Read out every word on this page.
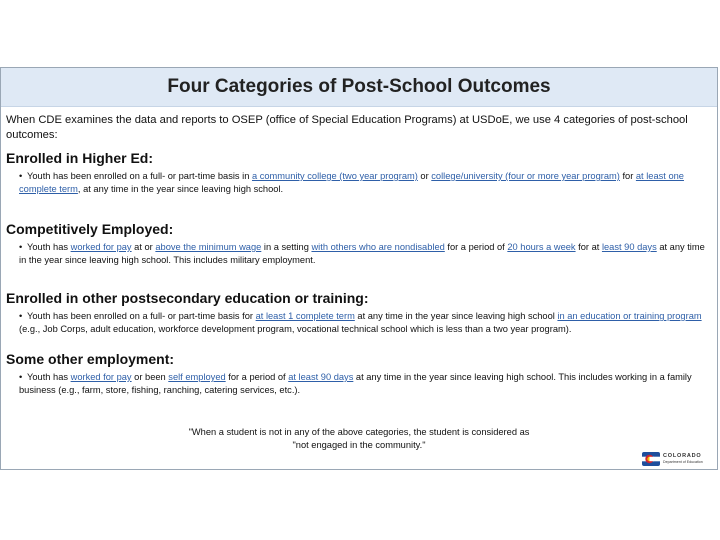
Four Categories of Post-School Outcomes

When CDE examines the data and reports to OSEP (office of Special Education Programs) at USDoE, we use 4 categories of post-school outcomes:

Enrolled in Higher Ed:
• Youth has been enrolled on a full- or part-time basis in a community college (two year program) or college/university (four or more year program) for at least one complete term, at any time in the year since leaving high school.
Competitively Employed:
• Youth has worked for pay at or above the minimum wage in a setting with others who are nondisabled for a period of 20 hours a week for at least 90 days at any time in the year since leaving high school. This includes military employment.
Enrolled in other postsecondary education or training:
• Youth has been enrolled on a full- or part-time basis for at least 1 complete term at any time in the year since leaving high school in an education or training program (e.g., Job Corps, adult education, workforce development program, vocational technical school which is less than a two year program).
Some other employment:
• Youth has worked for pay or been self employed for a period of at least 90 days at any time in the year since leaving high school. This includes working in a family business (e.g., farm, store, fishing, ranching, catering services, etc.).
"When a student is not in any of the above categories, the student is considered as
"not engaged in the community."
COLORADO
Department of Education
